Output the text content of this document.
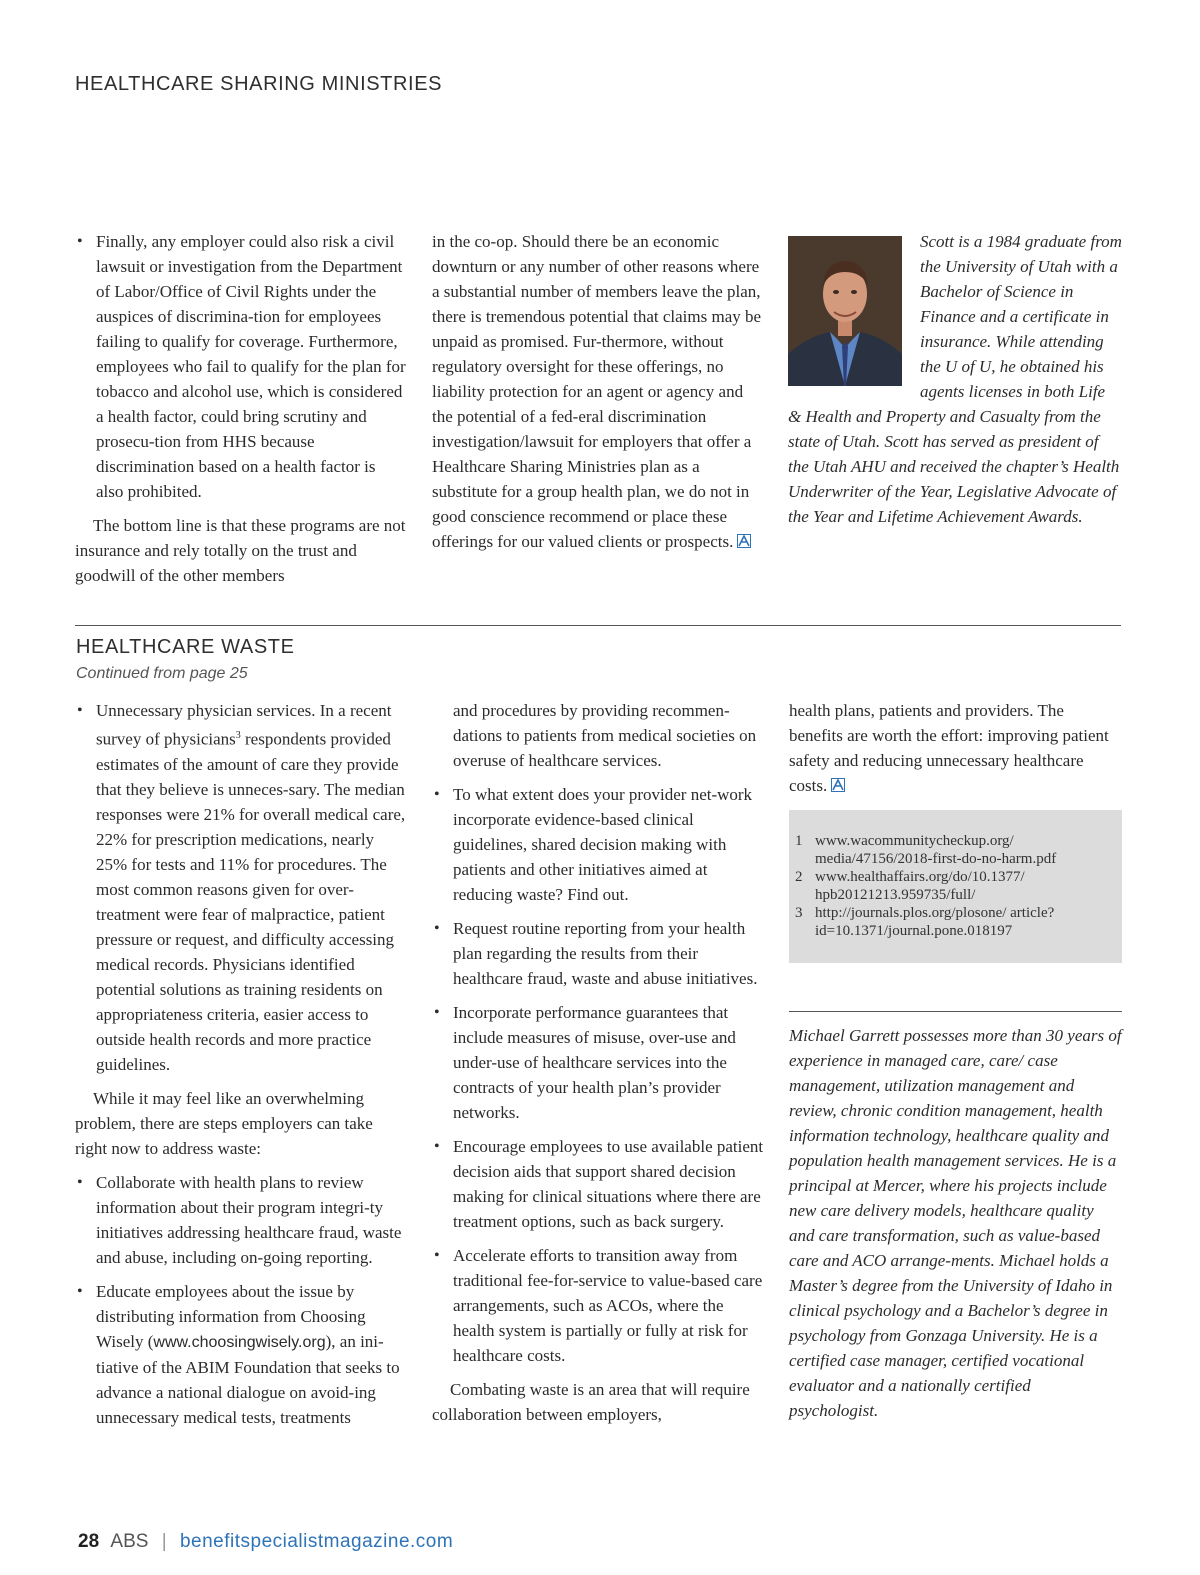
HEALTHCARE SHARING MINISTRIES
• Finally, any employer could also risk a civil lawsuit or investigation from the Department of Labor/Office of Civil Rights under the auspices of discrimina-tion for employees failing to qualify for coverage. Furthermore, employees who fail to qualify for the plan for tobacco and alcohol use, which is considered a health factor, could bring scrutiny and prosecu-tion from HHS because discrimination based on a health factor is also prohibited.

The bottom line is that these programs are not insurance and rely totally on the trust and goodwill of the other members

in the co-op. Should there be an economic downturn or any number of other reasons where a substantial number of members leave the plan, there is tremendous potential that claims may be unpaid as promised. Fur-thermore, without regulatory oversight for these offerings, no liability protection for an agent or agency and the potential of a fed-eral discrimination investigation/lawsuit for employers that offer a Healthcare Sharing Ministries plan as a substitute for a group health plan, we do not in good conscience recommend or place these offerings for our valued clients or prospects.

Scott is a 1984 graduate from the University of Utah with a Bachelor of Science in Finance and a certificate in insurance. While attending the U of U, he obtained his agents licenses in both Life & Health and Property and Casualty from the state of Utah. Scott has served as president of the Utah AHU and received the chapter’s Health Underwriter of the Year, Legislative Advocate of the Year and Lifetime Achievement Awards.
HEALTHCARE WASTE

Continued from page 25

• Unnecessary physician services. In a recent survey of physicians$^3$ respondents provided estimates of the amount of care they provide that they believe is unneces-sary. The median responses were 21% for overall medical care, 22% for prescription medications, nearly 25% for tests and 11% for procedures. The most common reasons given for over-treatment were fear of malpractice, patient pressure or request, and difficulty accessing medical records. Physicians identified potential solutions as training residents on appropriateness criteria, easier access to outside health records and more practice guidelines.

While it may feel like an overwhelming problem, there are steps employers can take right now to address waste:

• Collaborate with health plans to review information about their program integri-ty initiatives addressing healthcare fraud, waste and abuse, including on-going reporting.
• Educate employees about the issue by distributing information from Choosing Wisely (www.choosingwisely.org), an ini-tiative of the ABIM Foundation that seeks to advance a national dialogue on avoid-ing unnecessary medical tests, treatments

and procedures by providing recommen-dations to patients from medical societies on overuse of healthcare services.

• To what extent does your provider net-work incorporate evidence-based clinical guidelines, shared decision making with patients and other initiatives aimed at reducing waste? Find out.
• Request routine reporting from your health plan regarding the results from their healthcare fraud, waste and abuse initiatives.
• Incorporate performance guarantees that include measures of misuse, over-use and under-use of healthcare services into the contracts of your health plan’s provider networks.
• Encourage employees to use available patient decision aids that support shared decision making for clinical situations where there are treatment options, such as back surgery.
• Accelerate efforts to transition away from traditional fee-for-service to value-based care arrangements, such as ACOs, where the health system is partially or fully at risk for healthcare costs.

Combating waste is an area that will require collaboration between employers,

health plans, patients and providers. The benefits are worth the effort: improving patient safety and reducing unnecessary healthcare costs.

1 www.wacommunitycheckup.org/ media/47156/2018-first-do-no-harm.pdf
2 www.healthaffairs.org/do/10.1377/ hpb20121213.959735/full/
3 http://journals.plos.org/plosone/ article?id=10.1371/journal.pone.018197

Michael Garrett possesses more than 30 years of experience in managed care, care/ case management, utilization management and review, chronic condition management, health information technology, healthcare quality and population health management services. He is a principal at Mercer, where his projects include new care delivery models, healthcare quality and care transformation, such as value-based care and ACO arrange-ments. Michael holds a Master’s degree from the University of Idaho in clinical psychology and a Bachelor’s degree in psychology from Gonzaga University. He is a certified case manager, certified vocational evaluator and a nationally certified psychologist.

28 ABS | benefitspecialistmagazine.com
